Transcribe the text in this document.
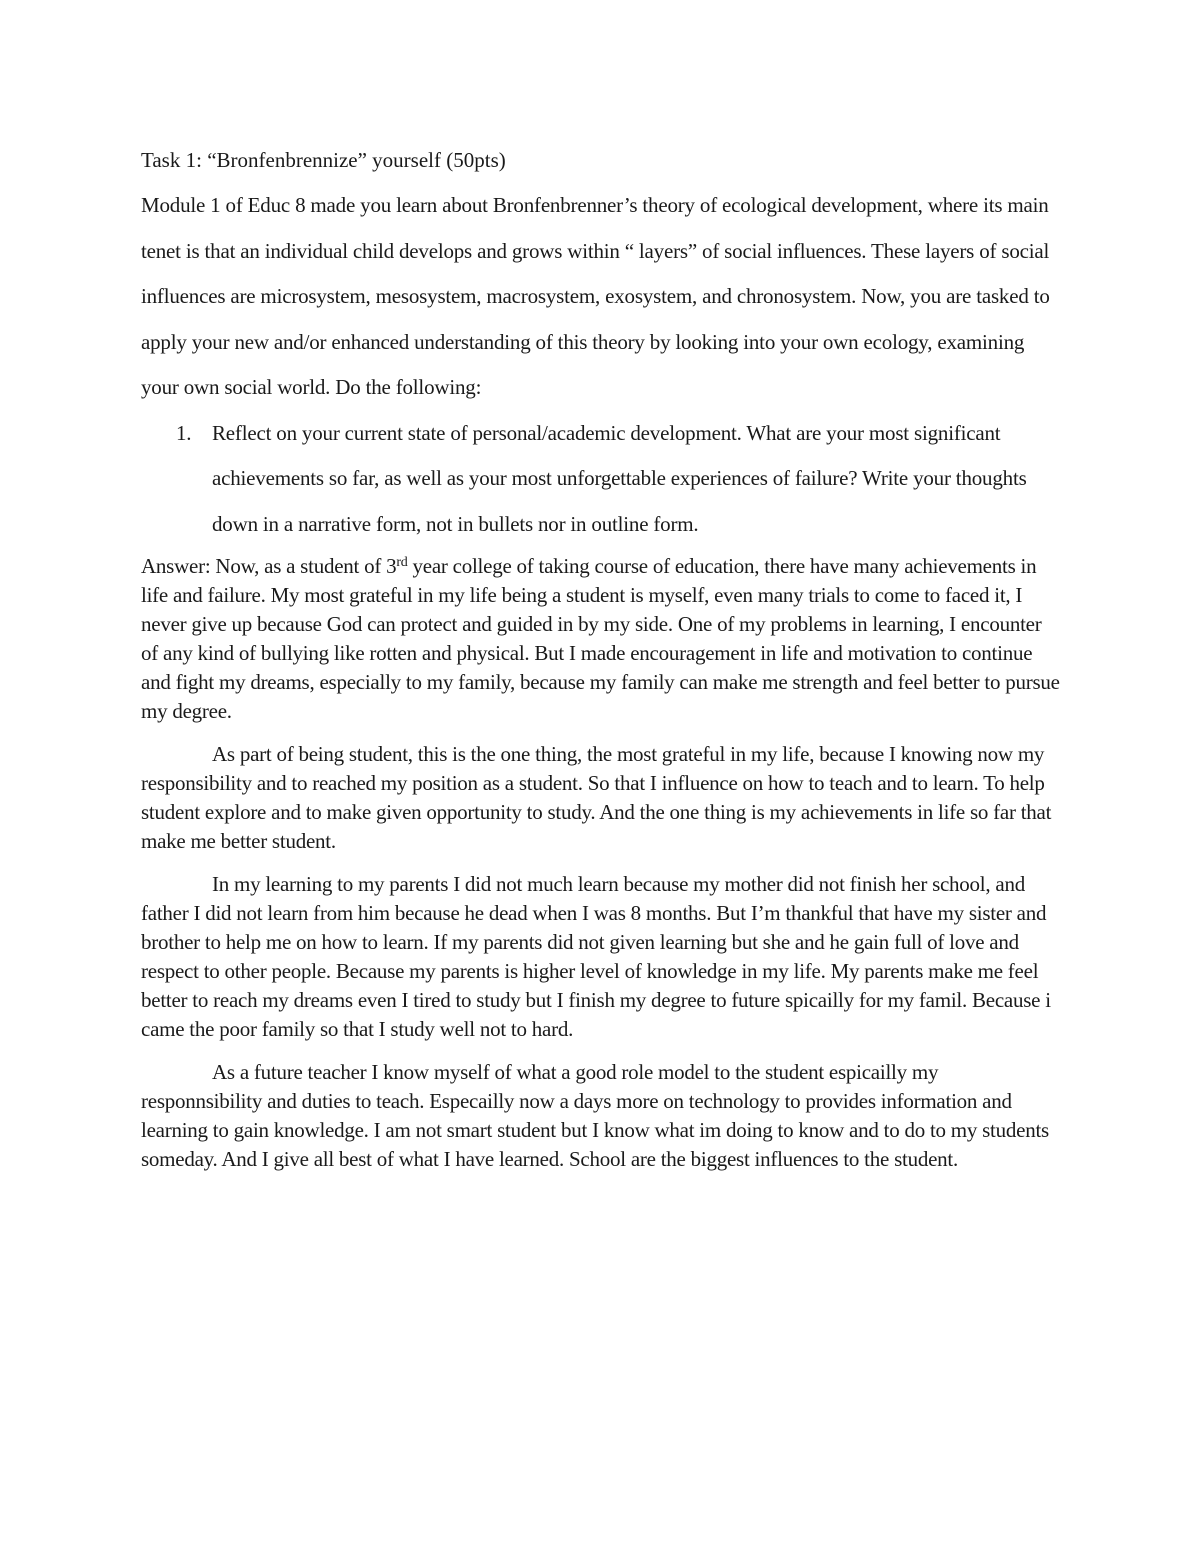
Task 1: “Bronfenbrennize” yourself (50pts)

Module 1 of Educ 8 made you learn about Bronfenbrenner’s theory of ecological development, where its main tenet is that an individual child develops and grows within “ layers” of social influences. These layers of social influences are microsystem, mesosystem, macrosystem, exosystem, and chronosystem. Now, you are tasked to apply your new and/or enhanced understanding of this theory by looking into your own ecology, examining your own social world. Do the following:

1. Reflect on your current state of personal/academic development. What are your most significant achievements so far, as well as your most unforgettable experiences of failure? Write your thoughts down in a narrative form, not in bullets nor in outline form.

Answer: Now, as a student of 3rd year college of taking course of education, there have many achievements in life and failure. My most grateful in my life being a student is myself, even many trials to come to faced it, I never give up because God can protect and guided in by my side. One of my problems in learning, I encounter of any kind of bullying like rotten and physical. But I made encouragement in life and motivation to continue and fight my dreams, especially to my family, because my family can make me strength and feel better to pursue my degree.

As part of being student, this is the one thing, the most grateful in my life, because I knowing now my responsibility and to reached my position as a student. So that I influence on how to teach and to learn. To help student explore and to make given opportunity to study. And the one thing is my achievements in life so far that make me better student.

In my learning to my parents I did not much learn because my mother did not finish her school, and father I did not learn from him because he dead when I was 8 months. But I’m thankful that have my sister and brother to help me on how to learn. If my parents did not given learning but she and he gain full of love and respect to other people. Because my parents is higher level of knowledge in my life. My parents make me feel better to reach my dreams even I tired to study but I finish my degree to future spicailly for my famil. Because i came the poor family so that I study well not to hard.

As a future teacher I know myself of what a good role model to the student espicailly my responnsibility and duties to teach. Especailly now a days more on technology to provides information and learning to gain knowledge. I am not smart student but I know what im doing to know and to do to my students someday. And I give all best of what I have learned. School are the biggest influences to the student.
